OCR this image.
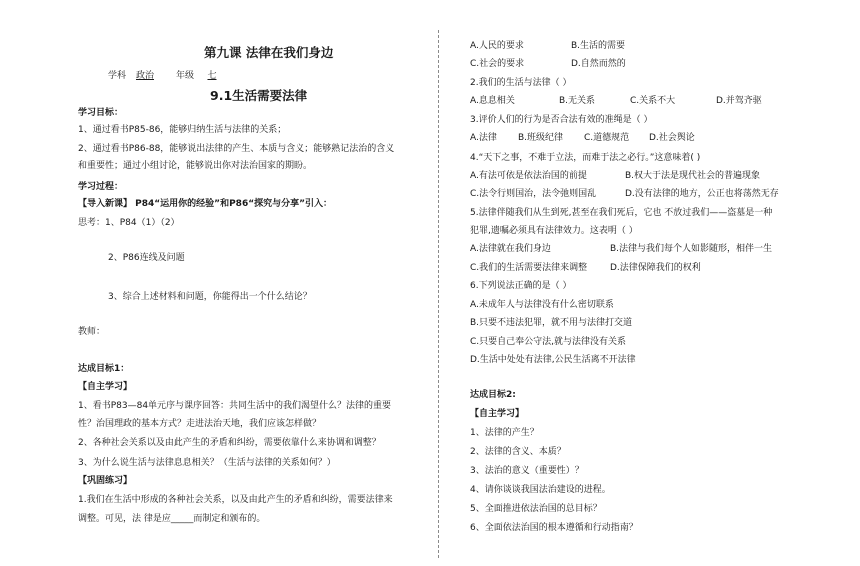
第九课 法律在我们身边
学科	政治	年级	七
9.1生活需要法律
学习目标：
1、通过看书P85-86，能够归纳生活与法律的关系；
2、通过看书P86-88，能够说出法律的产生、本质与含义；能够熟记法治的含义
和重要性；通过小组讨论，能够说出你对法治国家的期盼。
学习过程：
【导入新课】 P84“运用你的经验”和P86“探究与分享”引入：
思考：1、P84（1）（2）
2、P86连线及问题
3、综合上述材料和问题，你能得出一个什么结论？
教师：
达成目标1：
【自主学习】
1、看书P83—84单元序与课序回答：共同生活中的我们渴望什么？法律的重要
性？治国理政的基本方式？走进法治天地，我们应该怎样做？
2、各种社会关系以及由此产生的矛盾和纠纷，需要依靠什么来协调和调整？
3、为什么说生活与法律息息相关？（生活与法律的关系如何？）
【巩固练习】
1.我们在生活中形成的各种社会关系，以及由此产生的矛盾和纠纷，需要法律来
调整。可见，法 律是应_____而制定和颁布的。
A.人民的要求	B.生活的需要
C.社会的要求	D.自然而然的
2.我们的生活与法律（ ）
A.息息相关	B.无关系	C.关系不大	D.并驾齐驱
3.评价人们的行为是否合法有效的准绳是（ ）
A.法律 B.班级纪律 C.道德规范 D.社会舆论
4.“天下之事，不难于立法，而难于法之必行。”这意味着( )
A.有法可依是依法治国的前提	B.权大于法是现代社会的普遍现象
C.法令行则国治，法令弛则国乱	D.没有法律的地方，公正也将荡然无存
5.法律伴随我们从生到死,甚至在我们死后，它也 不放过我们——盗墓是一种
犯罪,遗嘱必须具有法律效力。这表明（ ）
A.法律就在我们身边	B.法律与我们每个人如影随形，相伴一生
C.我们的生活需要法律来调整	D.法律保障我们的权利
6.下列说法正确的是（ ）
A.未成年人与法律没有什么密切联系
B.只要不违法犯罪，就不用与法律打交道
C.只要自己奉公守法,就与法律没有关系
D.生活中处处有法律,公民生活离不开法律
达成目标2:
【自主学习】
1、法律的产生？
2、法律的含义、本质？
3、法治的意义（重要性）？
4、请你谈谈我国法治建设的进程。
5、全面推进依法治国的总目标？
6、全面依法治国的根本遵循和行动指南？
